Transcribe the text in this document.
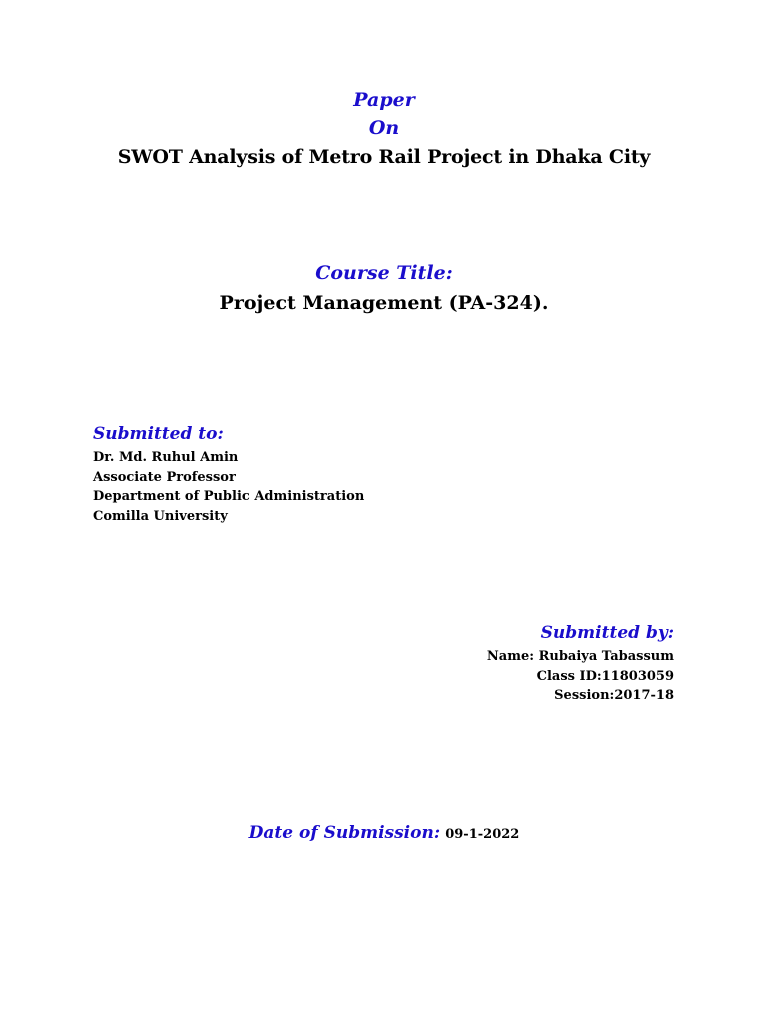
Paper
On
SWOT Analysis of Metro Rail Project in Dhaka City
Course Title:
Project Management (PA-324).
Submitted to:
Dr. Md. Ruhul Amin
Associate Professor
Department of Public Administration
Comilla University
Submitted by:
Name: Rubaiya Tabassum
Class ID:11803059
Session:2017-18
Date of Submission: 09-1-2022
